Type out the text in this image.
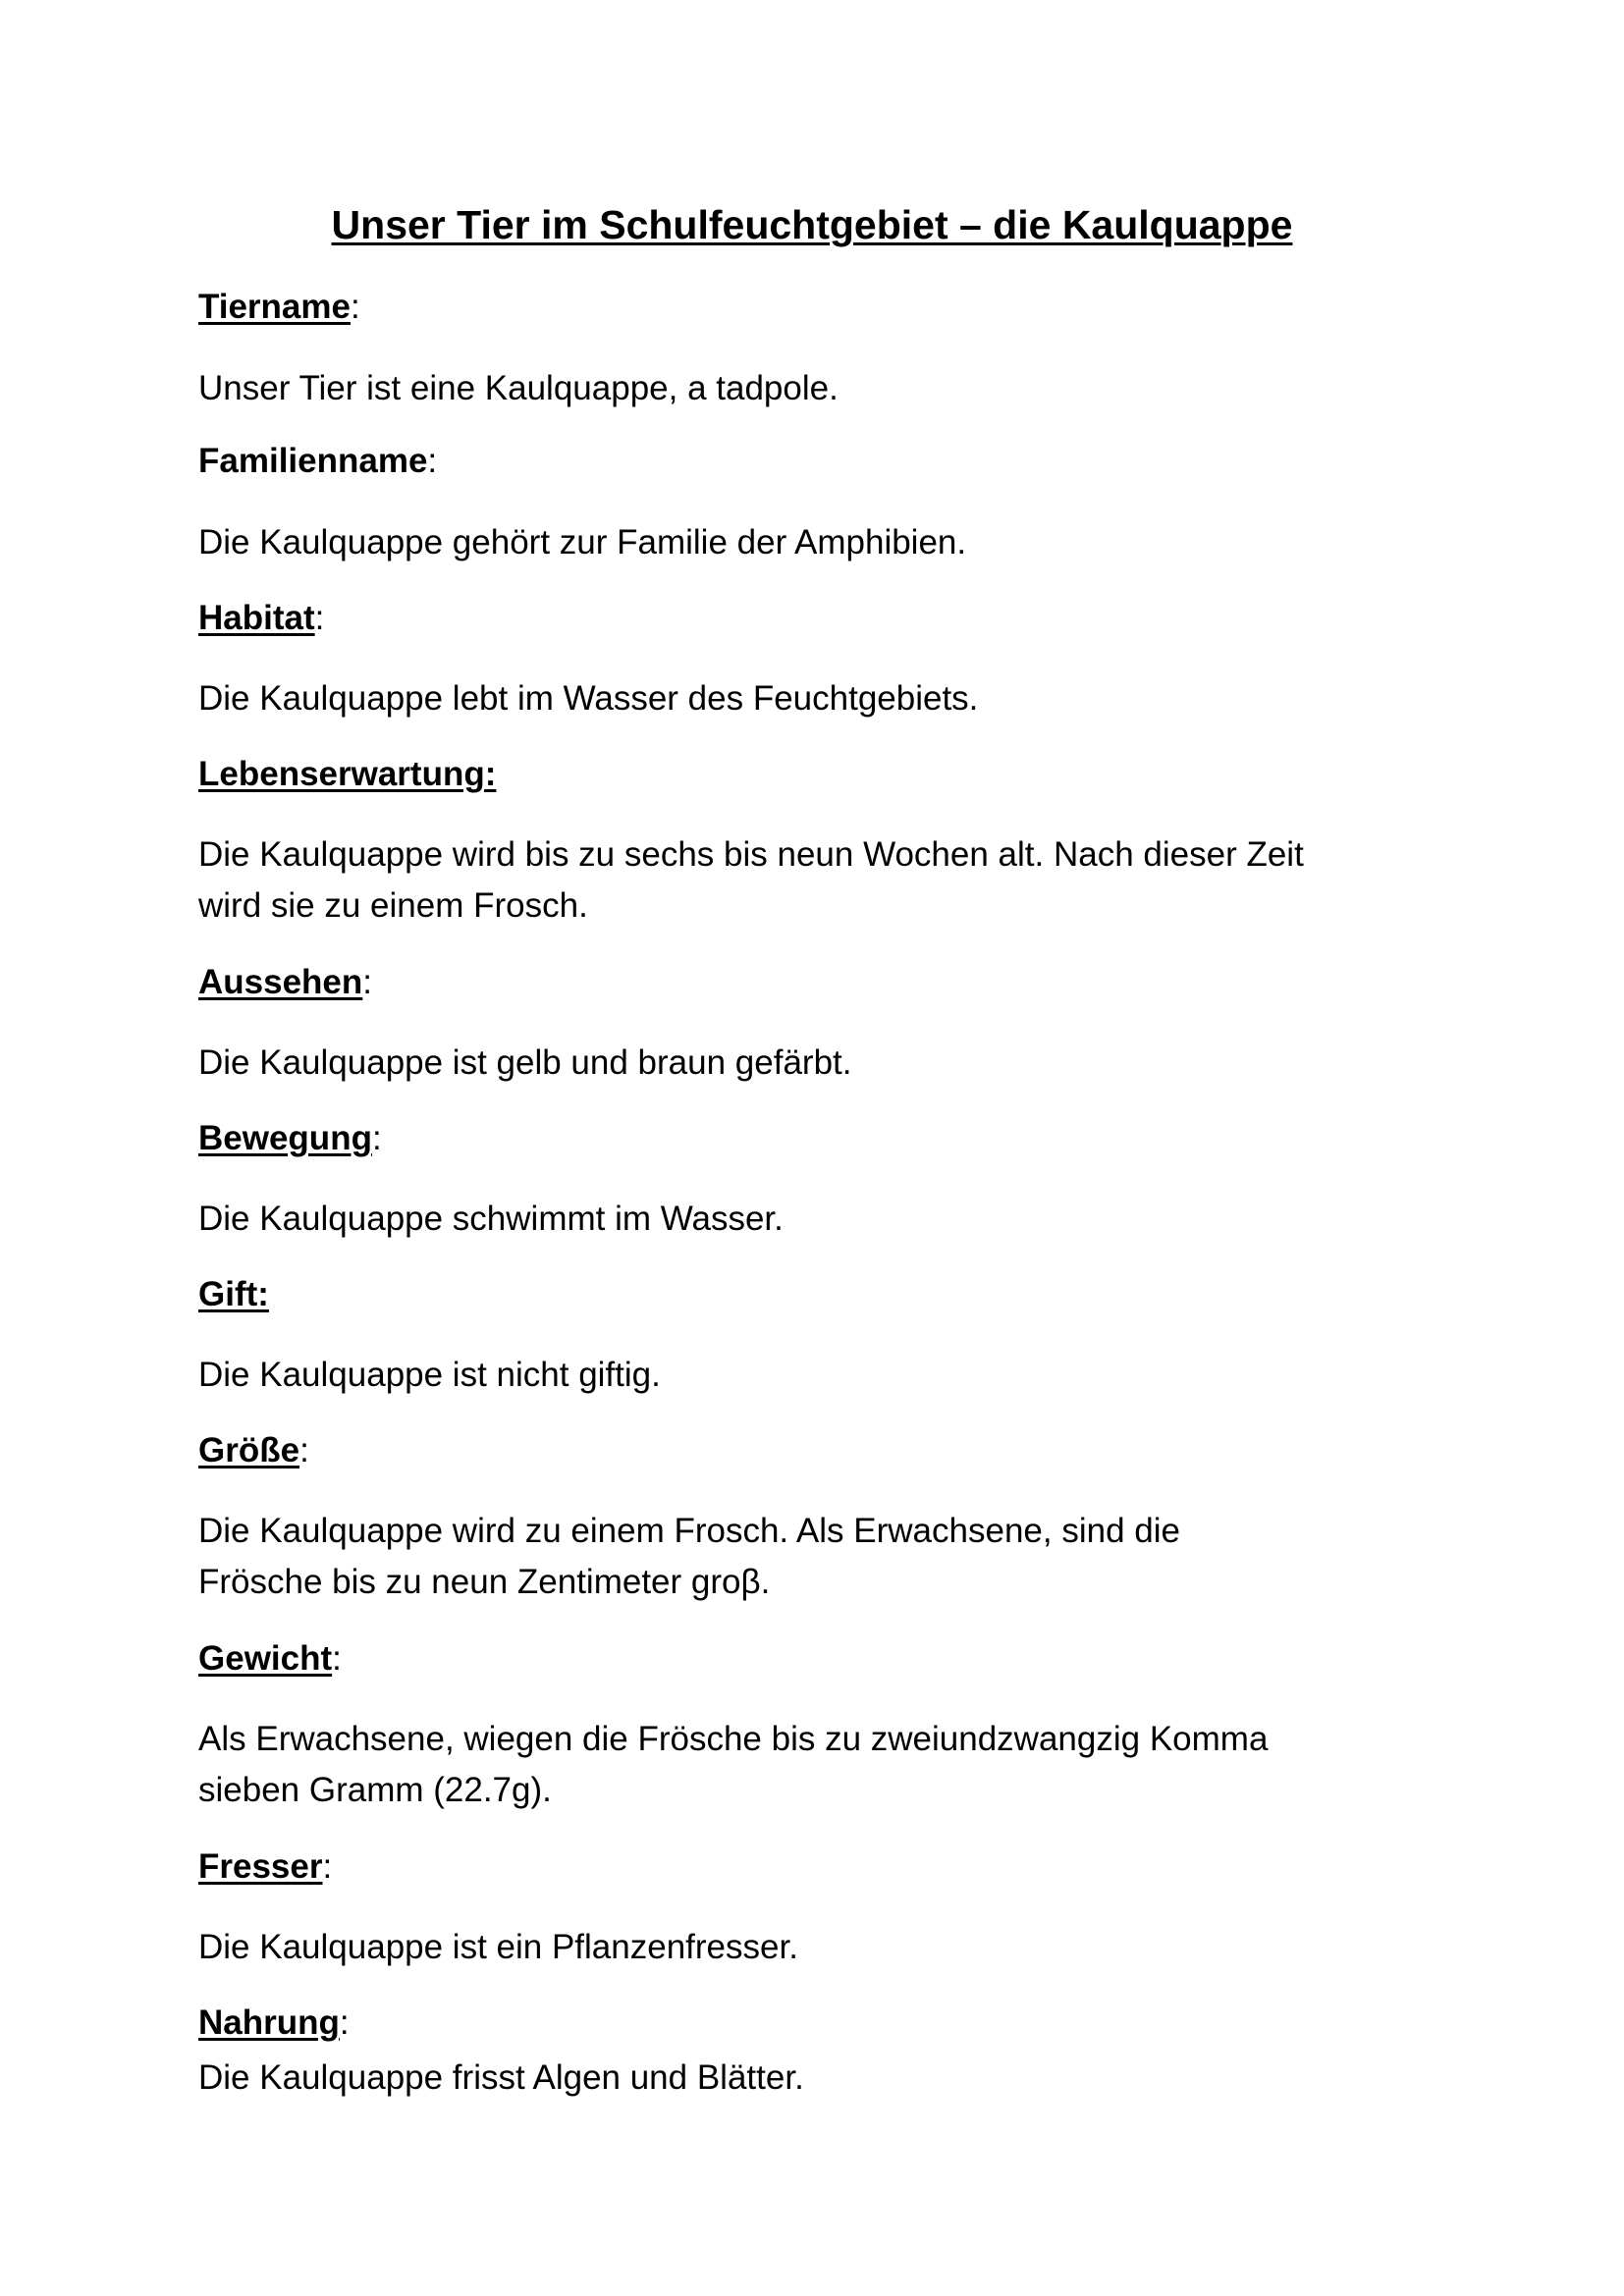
Unser Tier im Schulfeuchtgebiet – die Kaulquappe
Tiername:
Unser Tier ist eine Kaulquappe, a tadpole.
Familienname:
Die Kaulquappe gehört zur Familie der Amphibien.
Habitat:
Die Kaulquappe lebt im Wasser des Feuchtgebiets.
Lebenserwartung:
Die Kaulquappe wird bis zu sechs bis neun Wochen alt. Nach dieser Zeit
wird sie zu einem Frosch.
Aussehen:
Die Kaulquappe ist gelb und braun gefärbt.
Bewegung:
Die Kaulquappe schwimmt im Wasser.
Gift:
Die Kaulquappe ist nicht giftig.
Größe:
Die Kaulquappe wird zu einem Frosch. Als Erwachsene, sind die
Frösche bis zu neun Zentimeter groβ.
Gewicht:
Als Erwachsene, wiegen die Frösche bis zu zweiundzwangzig Komma
sieben Gramm (22.7g).
Fresser:
Die Kaulquappe ist ein Pflanzenfresser.
Nahrung:
Die Kaulquappe frisst Algen und Blätter.
